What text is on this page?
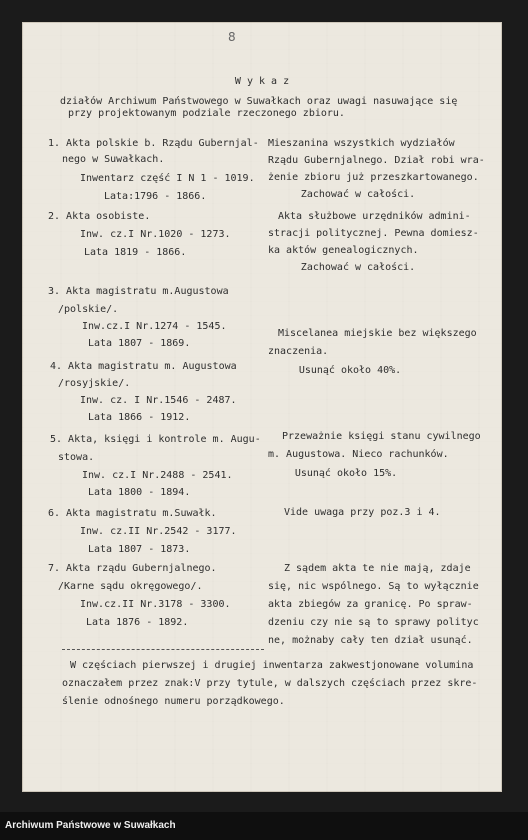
8
W y k a z
działów Archiwum Państwowego w Suwałkach oraz uwagi nasuwające się
przy projektowanym podziale rzeczonego zbioru.
1. Akta polskie b. Rządu Gubernjal-
nego w Suwałkach.
Inwentarz część I N 1 - 1019.
Lata:1796 - 1866.
2. Akta osobiste.
Inw. cz.I Nr.1020 - 1273.
Lata 1819 - 1866.
3. Akta magistratu m.Augustowa
/polskie/.
Inw.cz.I Nr.1274 - 1545.
Lata 1807 - 1869.
4. Akta magistratu m. Augustowa
/rosyjskie/.
Inw. cz. I Nr.1546 - 2487.
Lata 1866 - 1912.
5. Akta, księgi i kontrole m. Augu-
stowa.
Inw. cz.I Nr.2488 - 2541.
Lata 1800 - 1894.
6. Akta magistratu m.Suwałk.
Inw. cz.II Nr.2542 - 3177.
Lata 1807 - 1873.
7. Akta rządu Gubernjalnego.
/Karne sądu okręgowego/.
Inw.cz.II Nr.3178 - 3300.
Lata 1876 - 1892.
Mieszanina wszystkich wydziałów
Rządu Gubernjalnego. Dział robi wra-
żenie zbioru już przeszkartowanego.
Zachować w całości.
Akta służbowe urzędników admini-
stracji politycznej. Pewna domiesz-
ka aktów genealogicznych.
Zachować w całości.
Miscelanea miejskie bez większego
znaczenia.
Usunąć około 40%.
Przeważnie księgi stanu cywilnego
m. Augustowa. Nieco rachunków.
Usunąć około 15%.
Vide uwaga przy poz.3 i 4.
Z sądem akta te nie mają, zdaje
się, nic wspólnego. Są to wyłącznie
akta zbiegów za granicę. Po spraw-
dzeniu czy nie są to sprawy polityc
ne, możnaby cały ten dział usunąć.
W częściach pierwszej i drugiej inwentarza zakwestjonowane volumina
oznaczałem przez znak:V przy tytule, w dalszych częściach przez skre-
ślenie odnośnego numeru porządkowego.
Archiwum Państwowe w Suwałkach
